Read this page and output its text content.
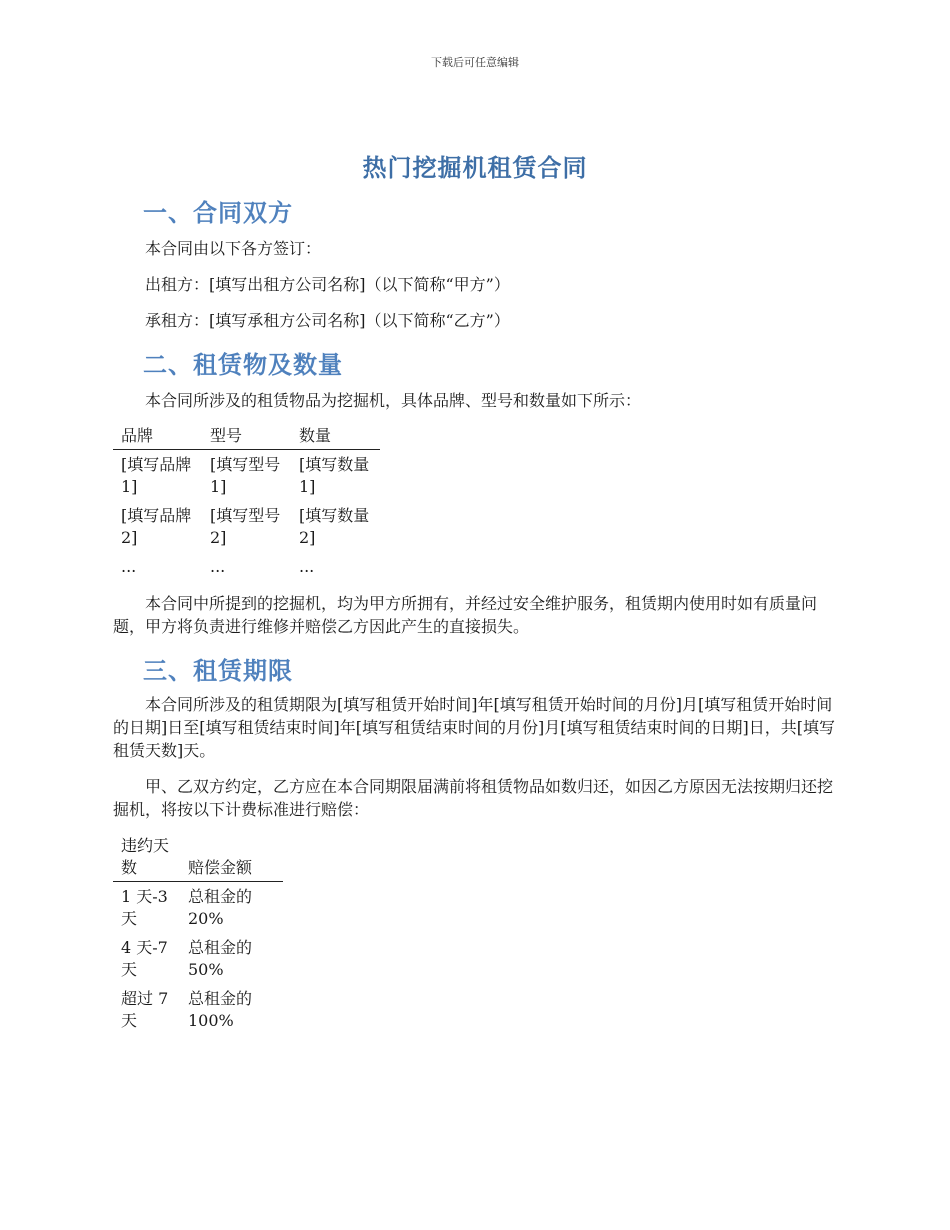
下载后可任意编辑
热门挖掘机租赁合同
一、合同双方
本合同由以下各方签订：
出租方：[填写出租方公司名称]（以下简称“甲方”）
承租方：[填写承租方公司名称]（以下简称“乙方”）
二、租赁物及数量
本合同所涉及的租赁物品为挖掘机，具体品牌、型号和数量如下所示：
品牌	型号	数量
[填写品牌 1]	[填写型号 1]	[填写数量 1]
[填写品牌 2]	[填写型号 2]	[填写数量 2]
...	...	...
本合同中所提到的挖掘机，均为甲方所拥有，并经过安全维护服务，租赁期内使用时如有质量问题，甲方将负责进行维修并赔偿乙方因此产生的直接损失。
三、租赁期限
本合同所涉及的租赁期限为[填写租赁开始时间]年[填写租赁开始时间的月份]月[填写租赁开始时间的日期]日至[填写租赁结束时间]年[填写租赁结束时间的月份]月[填写租赁结束时间的日期]日，共[填写租赁天数]天。
甲、乙双方约定，乙方应在本合同期限届满前将租赁物品如数归还，如因乙方原因无法按期归还挖掘机，将按以下计费标准进行赔偿：
违约天数	赔偿金额
1 天-3 天	总租金的 20%
4 天-7 天	总租金的 50%
超过 7 天	总租金的 100%
